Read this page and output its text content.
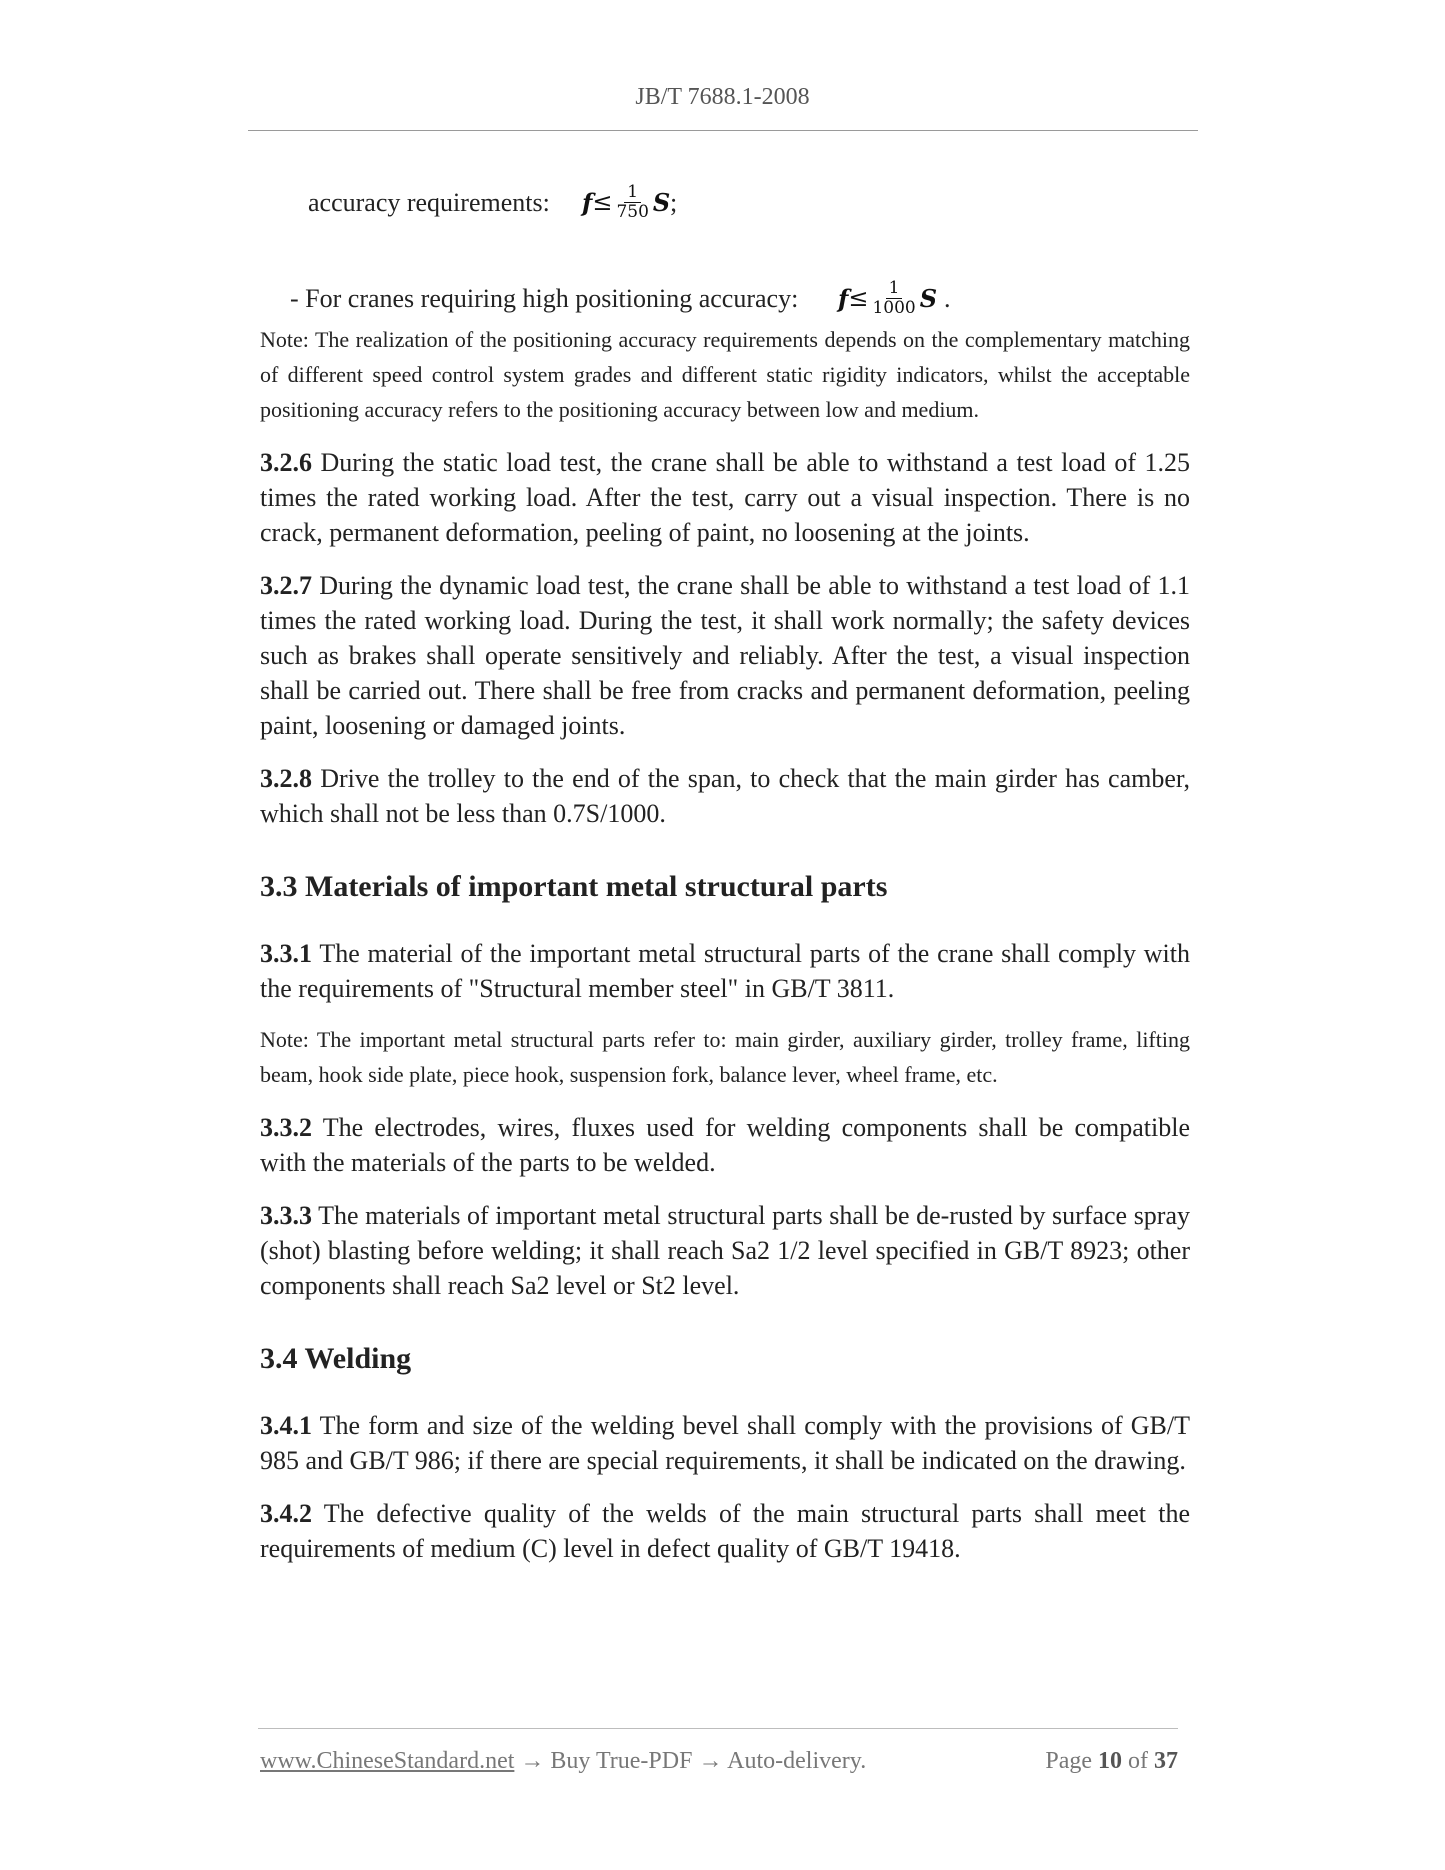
JB/T 7688.1-2008
accuracy requirements: $f \le \frac{1}{750}$ S ;
- For cranes requiring high positioning accuracy: $f \le \frac{1}{1000}$ S .

Note: The realization of the positioning accuracy requirements depends on the complementary matching of different speed control system grades and different static rigidity indicators, whilst the acceptable positioning accuracy refers to the positioning accuracy between low and medium.

3.2.6 During the static load test, the crane shall be able to withstand a test load of 1.25 times the rated working load. After the test, carry out a visual inspection. There is no crack, permanent deformation, peeling of paint, no loosening at the joints.

3.2.7 During the dynamic load test, the crane shall be able to withstand a test load of 1.1 times the rated working load. During the test, it shall work normally; the safety devices such as brakes shall operate sensitively and reliably. After the test, a visual inspection shall be carried out. There shall be free from cracks and permanent deformation, peeling paint, loosening or damaged joints.

3.2.8 Drive the trolley to the end of the span, to check that the main girder has camber, which shall not be less than 0.7S/1000.

3.3 Materials of important metal structural parts

3.3.1 The material of the important metal structural parts of the crane shall comply with the requirements of "Structural member steel" in GB/T 3811.

Note: The important metal structural parts refer to: main girder, auxiliary girder, trolley frame, lifting beam, hook side plate, piece hook, suspension fork, balance lever, wheel frame, etc.

3.3.2 The electrodes, wires, fluxes used for welding components shall be compatible with the materials of the parts to be welded.

3.3.3 The materials of important metal structural parts shall be de-rusted by surface spray (shot) blasting before welding; it shall reach Sa2 1/2 level specified in GB/T 8923; other components shall reach Sa2 level or St2 level.

3.4 Welding

3.4.1 The form and size of the welding bevel shall comply with the provisions of GB/T 985 and GB/T 986; if there are special requirements, it shall be indicated on the drawing.

3.4.2 The defective quality of the welds of the main structural parts shall meet the requirements of medium (C) level in defect quality of GB/T 19418.

www.ChineseStandard.net → Buy True-PDF → Auto-delivery.	Page 10 of 37
